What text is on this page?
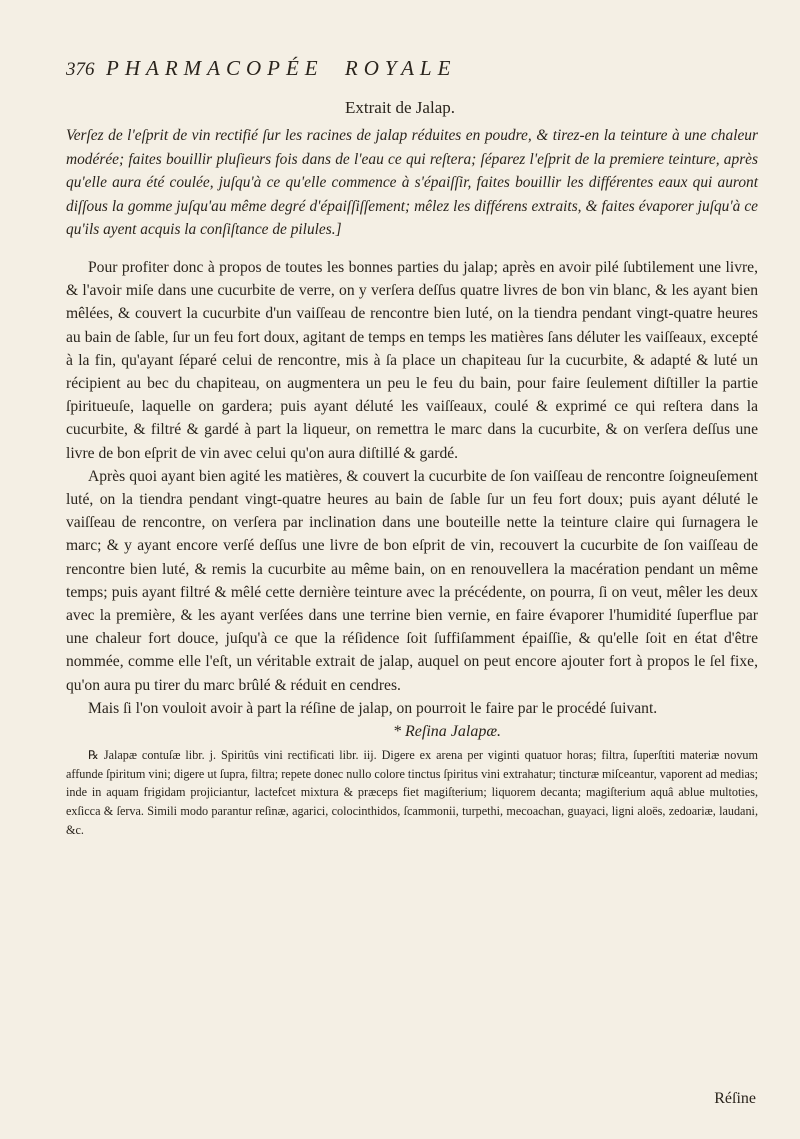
376 PHARMACOPÉE ROYALE
Extrait de Jalap.

Verſez de l'eſprit de vin rectifié ſur les racines de jalap réduites en poudre, & tirez-en la teinture à une chaleur modérée; faites bouillir pluſieurs fois dans de l'eau ce qui reſtera; ſéparez l'eſprit de la premiere teinture, après qu'elle aura été coulée, juſqu'à ce qu'elle commence à s'épaiſſir, faites bouillir les différentes eaux qui auront diſſous la gomme juſqu'au même degré d'épaiſſiſſement; mêlez les différens extraits, & faites évaporer juſqu'à ce qu'ils ayent acquis la conſiſtance de pilules.]

Pour profiter donc à propos de toutes les bonnes parties du jalap; après en avoir pilé ſubtilement une livre, & l'avoir miſe dans une cucurbite de verre, on y verſera deſſus quatre livres de bon vin blanc, & les ayant bien mêlées, & couvert la cucurbite d'un vaiſſeau de rencontre bien luté, on la tiendra pendant vingt-quatre heures au bain de ſable, ſur un feu fort doux, agitant de temps en temps les matières ſans déluter les vaiſſeaux, excepté à la fin, qu'ayant ſéparé celui de rencontre, mis à ſa place un chapiteau ſur la cucurbite, & adapté & luté un récipient au bec du chapiteau, on augmentera un peu le feu du bain, pour faire ſeulement diſtiller la partie ſpiritueuſe, laquelle on gardera; puis ayant déluté les vaiſſeaux, coulé & exprimé ce qui reſtera dans la cucurbite, & filtré & gardé à part la liqueur, on remettra le marc dans la cucurbite, & on verſera deſſus une livre de bon eſprit de vin avec celui qu'on aura diſtillé & gardé.

Après quoi ayant bien agité les matières, & couvert la cucurbite de ſon vaiſſeau de rencontre ſoigneuſement luté, on la tiendra pendant vingt-quatre heures au bain de ſable ſur un feu fort doux; puis ayant déluté le vaiſſeau de rencontre, on verſera par inclination dans une bouteille nette la teinture claire qui ſurnagera le marc; & y ayant encore verſé deſſus une livre de bon eſprit de vin, recouvert la cucurbite de ſon vaiſſeau de rencontre bien luté, & remis la cucurbite au même bain, on en renouvellera la macération pendant un même temps; puis ayant filtré & mêlé cette dernière teinture avec la précédente, on pourra, ſi on veut, mêler les deux avec la première, & les ayant verſées dans une terrine bien vernie, en faire évaporer l'humidité ſuperflue par une chaleur fort douce, juſqu'à ce que la réſidence ſoit ſuffiſamment épaiſſie, & qu'elle ſoit en état d'être nommée, comme elle l'eſt, un véritable extrait de jalap, auquel on peut encore ajouter fort à propos le ſel fixe, qu'on aura pu tirer du marc brûlé & réduit en cendres.

Mais ſi l'on vouloit avoir à part la réſine de jalap, on pourroit le faire par le procédé ſuivant.

* Reſina Jalapæ.

℞ Jalapæ contuſæ libr. j. Spiritûs vini rectificati libr. iij. Digere ex arena per viginti quatuor horas; filtra, ſuperſtiti materiæ novum affunde ſpiritum vini; digere ut ſupra, filtra; repete donec nullo colore tinctus ſpiritus vini extrahatur; tincturæ miſceantur, vaporent ad medias; inde in aquam frigidam projiciantur, lactefcet mixtura & præceps fiet magiſterium; liquorem decanta; magiſterium aquâ ablue multoties, exſicca & ſerva. Simili modo parantur reſinæ, agarici, colocinthidos, ſcammonii, turpethi, mecoachan, guayaci, ligni aloës, zedoariæ, laudani, &c.

Réſine
